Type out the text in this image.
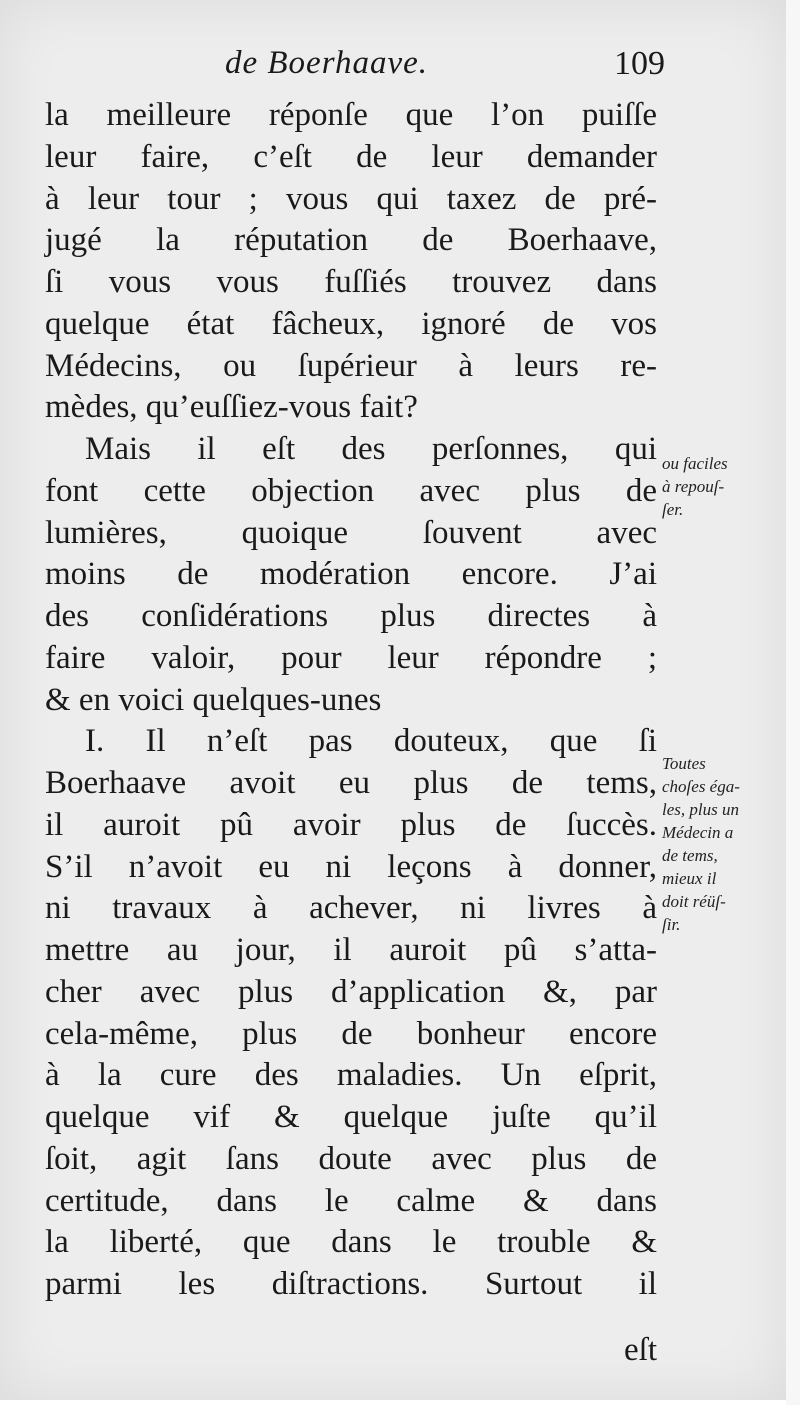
de Boerhaave.	109
la meilleure réponſe que l’on puiſſe
leur faire, c’eſt de leur demander
à leur tour ; vous qui taxez de pré-
jugé la réputation de Boerhaave,
ſi vous vous fuſſiés trouvez dans
quelque état fâcheux, ignoré de vos
Médecins, ou ſupérieur à leurs re-
mèdes, qu’euſſiez-vous fait?
Mais il eſt des perſonnes, qui
font cette objection avec plus de
lumières, quoique ſouvent avec
moins de modération encore. J’ai
des conſidérations plus directes à
faire valoir, pour leur répondre ;
& en voici quelques-unes
I. Il n’eſt pas douteux, que ſi
Boerhaave avoit eu plus de tems,
il auroit pû avoir plus de ſuccès.
S’il n’avoit eu ni leçons à donner,
ni travaux à achever, ni livres à
mettre au jour, il auroit pû s’atta-
cher avec plus d’application &, par
cela-même, plus de bonheur encore
à la cure des maladies. Un eſprit,
quelque vif & quelque juſte qu’il
ſoit, agit ſans doute avec plus de
certitude, dans le calme & dans
la liberté, que dans le trouble &
parmi les diſtractions. Surtout il
eſt
ou faciles
à repouſ-
ſer.
Toutes
choſes éga-
les, plus un
Médecin a
de tems,
mieux il
doit réüſ-
ſir.
